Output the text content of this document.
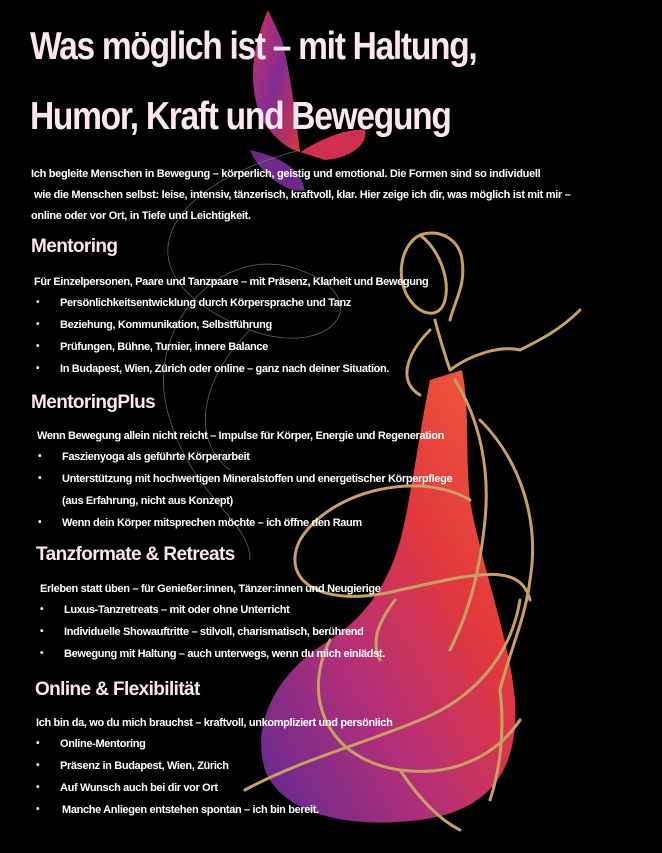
Was möglich ist – mit Haltung,
Humor, Kraft und Bewegung
Ich begleite Menschen in Bewegung – körperlich, geistig und emotional. Die Formen sind so individuell
wie die Menschen selbst: leise, intensiv, tänzerisch, kraftvoll, klar. Hier zeige ich dir, was möglich ist mit mir –
online oder vor Ort, in Tiefe und Leichtigkeit.
Mentoring
Für Einzelpersonen, Paare und Tanzpaare – mit Präsenz, Klarheit und Bewegung
• Persönlichkeitsentwicklung durch Körpersprache und Tanz
• Beziehung, Kommunikation, Selbstführung
• Prüfungen, Bühne, Turnier, innere Balance
• In Budapest, Wien, Zürich oder online – ganz nach deiner Situation.
MentoringPlus
Wenn Bewegung allein nicht reicht – Impulse für Körper, Energie und Regeneration
• Faszienyoga als geführte Körperarbeit
• Unterstützung mit hochwertigen Mineralstoffen und energetischer Körperpflege
(aus Erfahrung, nicht aus Konzept)
• Wenn dein Körper mitsprechen möchte – ich öffne den Raum
Tanzformate & Retreats
Erleben statt üben – für Genießer:innen, Tänzer:innen und Neugierige
• Luxus-Tanzretreats – mit oder ohne Unterricht
• Individuelle Showauftritte – stilvoll, charismatisch, berührend
• Bewegung mit Haltung – auch unterwegs, wenn du mich einlädst.
Online & Flexibilität
Ich bin da, wo du mich brauchst – kraftvoll, unkompliziert und persönlich
• Online-Mentoring
• Präsenz in Budapest, Wien, Zürich
• Auf Wunsch auch bei dir vor Ort
• Manche Anliegen entstehen spontan – ich bin bereit.
